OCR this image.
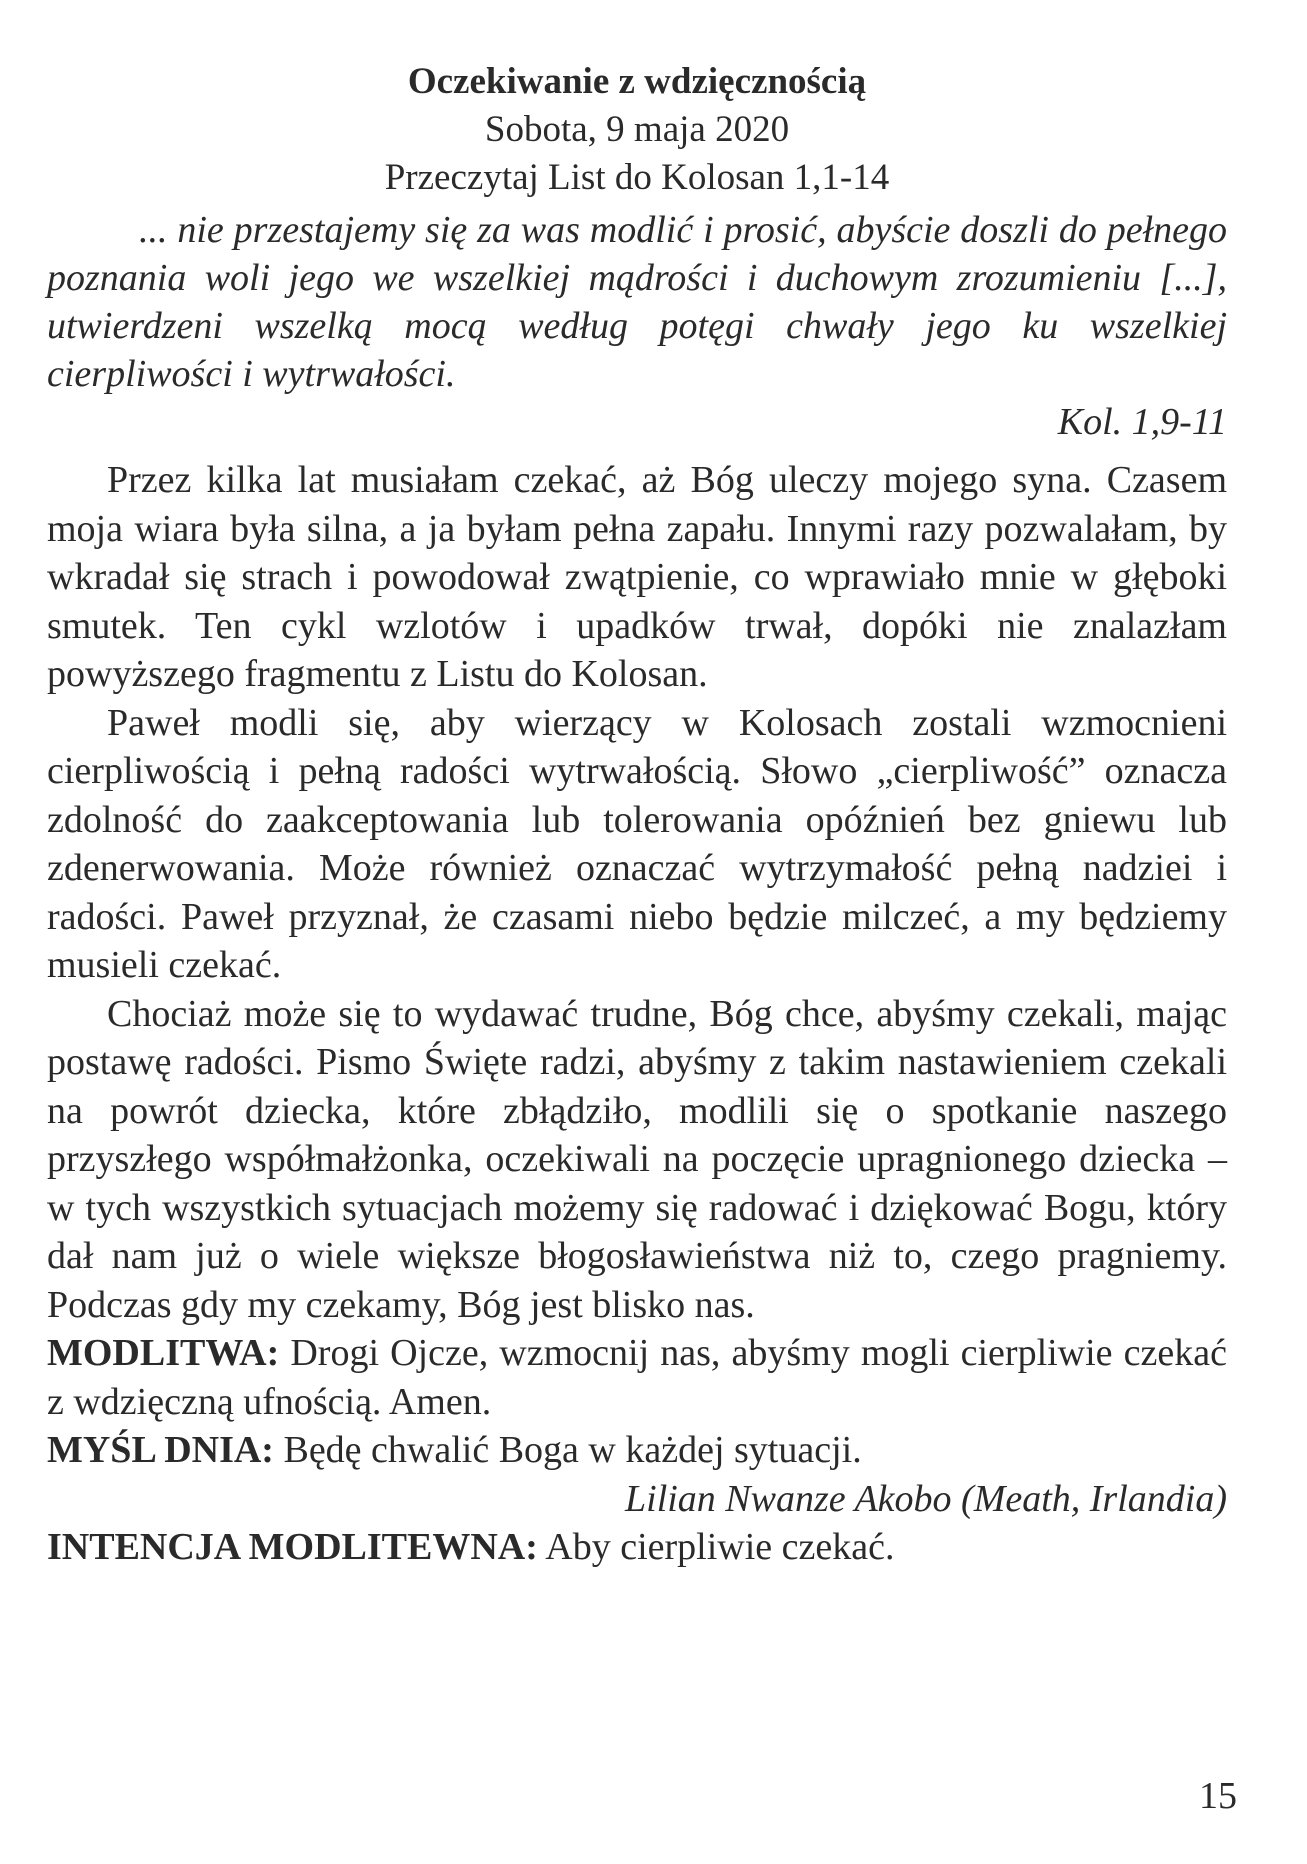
Oczekiwanie z wdzięcznością
Sobota, 9 maja 2020
Przeczytaj List do Kolosan 1,1-14

... nie przestajemy się za was modlić i prosić, abyście doszli do pełnego poznania woli jego we wszelkiej mądrości i duchowym zrozumieniu [...], utwierdzeni wszelką mocą według potęgi chwały jego ku wszelkiej cierpliwości i wytrwałości.

Kol. 1,9-11

Przez kilka lat musiałam czekać, aż Bóg uleczy mojego syna. Czasem moja wiara była silna, a ja byłam pełna zapału. Innymi razy pozwalałam, by wkradał się strach i powodował zwątpienie, co wprawiało mnie w głęboki smutek. Ten cykl wzlotów i upadków trwał, dopóki nie znalazłam powyższego fragmentu z Listu do Kolosan.

Paweł modli się, aby wierzący w Kolosach zostali wzmocnieni cierpliwością i pełną radości wytrwałością. Słowo „cierpliwość” oznacza zdolność do zaakceptowania lub tolerowania opóźnień bez gniewu lub zdenerwowania. Może również oznaczać wytrzymałość pełną nadziei i radości. Paweł przyznał, że czasami niebo będzie milczeć, a my będziemy musieli czekać.

Chociaż może się to wydawać trudne, Bóg chce, abyśmy czekali, mając postawę radości. Pismo Święte radzi, abyśmy z takim nastawieniem czekali na powrót dziecka, które zbłądziło, modlili się o spotkanie naszego przyszłego współmałżonka, oczekiwali na poczęcie upragnionego dziecka – w tych wszystkich sytuacjach możemy się radować i dziękować Bogu, który dał nam już o wiele większe błogosławieństwa niż to, czego pragniemy. Podczas gdy my czekamy, Bóg jest blisko nas.

MODLITWA: Drogi Ojcze, wzmocnij nas, abyśmy mogli cierpliwie czekać z wdzięczną ufnością. Amen.

MYŚL DNIA: Będę chwalić Boga w każdej sytuacji.

Lilian Nwanze Akobo (Meath, Irlandia)

INTENCJA MODLITEWNA: Aby cierpliwie czekać.

15
